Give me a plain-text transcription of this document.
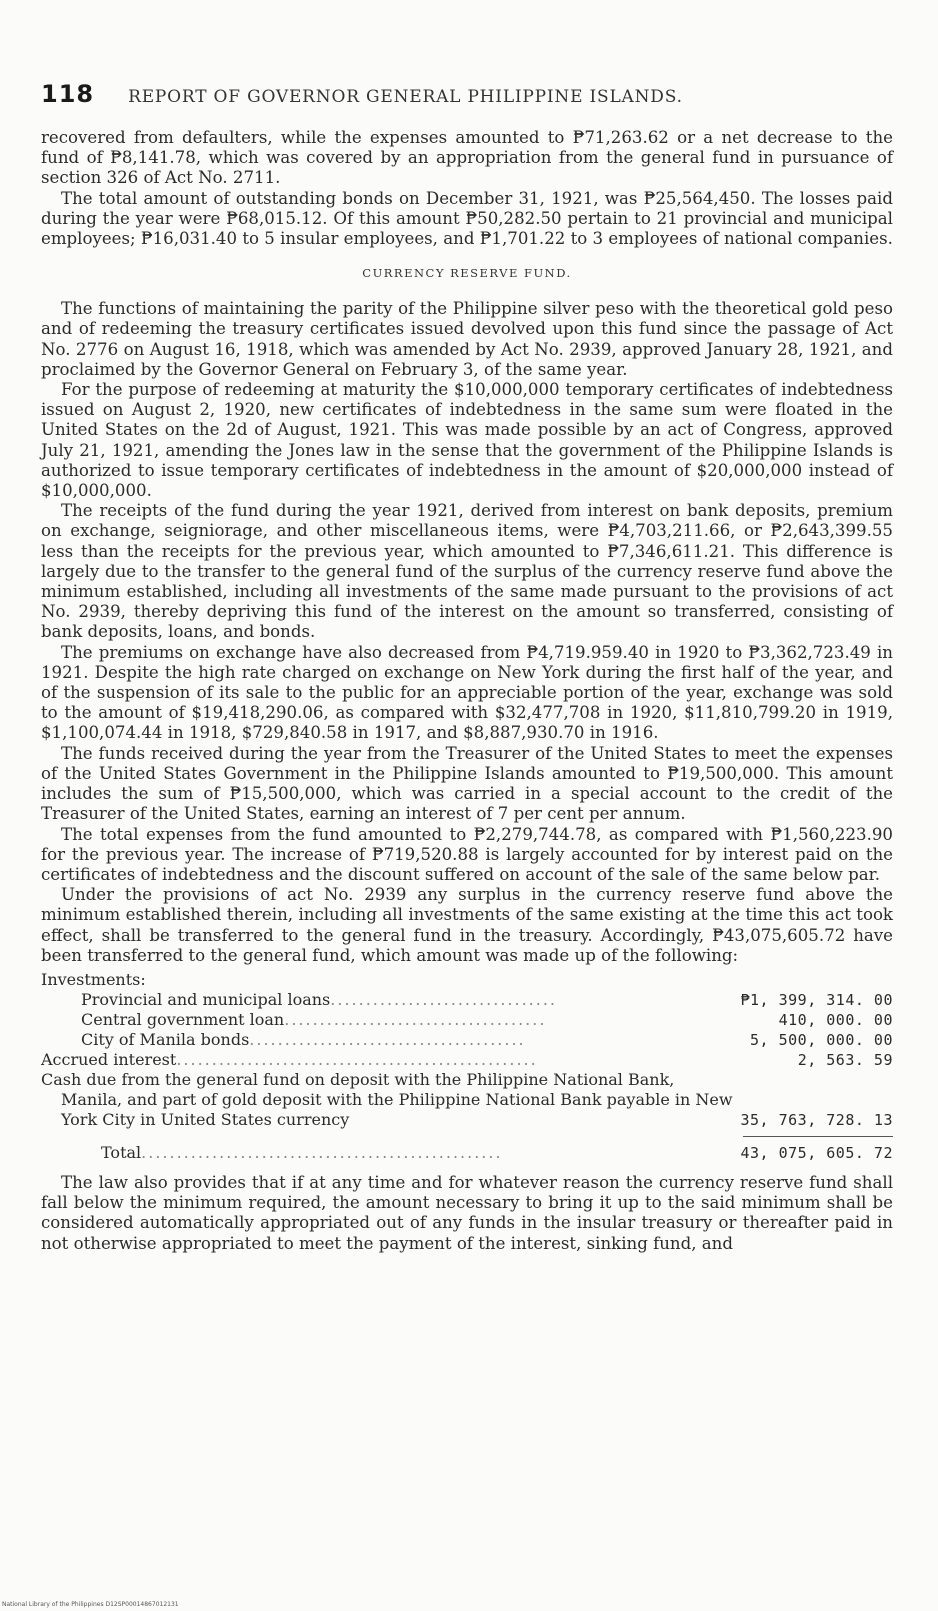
118 REPORT OF GOVERNOR GENERAL PHILIPPINE ISLANDS.

recovered from defaulters, while the expenses amounted to ₱71,263.62 or a net decrease to the fund of ₱8,141.78, which was covered by an appropriation from the general fund in pursuance of section 326 of Act No. 2711.

The total amount of outstanding bonds on December 31, 1921, was ₱25,564,450. The losses paid during the year were ₱68,015.12. Of this amount ₱50,282.50 pertain to 21 provincial and municipal employees; ₱16,031.40 to 5 insular employees, and ₱1,701.22 to 3 employees of national companies.

CURRENCY RESERVE FUND.

The functions of maintaining the parity of the Philippine silver peso with the theoretical gold peso and of redeeming the treasury certificates issued devolved upon this fund since the passage of Act No. 2776 on August 16, 1918, which was amended by Act No. 2939, approved January 28, 1921, and proclaimed by the Governor General on February 3, of the same year.

For the purpose of redeeming at maturity the $10,000,000 temporary certificates of indebtedness issued on August 2, 1920, new certificates of indebtedness in the same sum were floated in the United States on the 2d of August, 1921. This was made possible by an act of Congress, approved July 21, 1921, amending the Jones law in the sense that the government of the Philippine Islands is authorized to issue temporary certificates of indebtedness in the amount of $20,000,000 instead of $10,000,000.

The receipts of the fund during the year 1921, derived from interest on bank deposits, premium on exchange, seigniorage, and other miscellaneous items, were ₱4,703,211.66, or ₱2,643,399.55 less than the receipts for the previous year, which amounted to ₱7,346,611.21. This difference is largely due to the transfer to the general fund of the surplus of the currency reserve fund above the minimum established, including all investments of the same made pursuant to the provisions of act No. 2939, thereby depriving this fund of the interest on the amount so transferred, consisting of bank deposits, loans, and bonds.

The premiums on exchange have also decreased from ₱4,719.959.40 in 1920 to ₱3,362,723.49 in 1921. Despite the high rate charged on exchange on New York during the first half of the year, and of the suspension of its sale to the public for an appreciable portion of the year, exchange was sold to the amount of $19,418,290.06, as compared with $32,477,708 in 1920, $11,810,799.20 in 1919, $1,100,074.44 in 1918, $729,840.58 in 1917, and $8,887,930.70 in 1916.

The funds received during the year from the Treasurer of the United States to meet the expenses of the United States Government in the Philippine Islands amounted to ₱19,500,000. This amount includes the sum of ₱15,500,000, which was carried in a special account to the credit of the Treasurer of the United States, earning an interest of 7 per cent per annum.

The total expenses from the fund amounted to ₱2,279,744.78, as compared with ₱1,560,223.90 for the previous year. The increase of ₱719,520.88 is largely accounted for by interest paid on the certificates of indebtedness and the discount suffered on account of the sale of the same below par.

Under the provisions of act No. 2939 any surplus in the currency reserve fund above the minimum established therein, including all investments of the same existing at the time this act took effect, shall be transferred to the general fund in the treasury. Accordingly, ₱43,075,605.72 have been transferred to the general fund, which amount was made up of the following:

Investments:
Provincial and municipal loans................................	₱1, 399, 314. 00
Central government loan.....................................	410, 000. 00
City of Manila bonds.......................................	5, 500, 000. 00
Accrued interest...................................................	2, 563. 59
Cash due from the general fund on deposit with the Philippine National Bank, Manila, and part of gold deposit with the Philippine National Bank payable in New York City in United States currency	35, 763, 728. 13
Total...................................................	43, 075, 605. 72

The law also provides that if at any time and for whatever reason the currency reserve fund shall fall below the minimum required, the amount necessary to bring it up to the said minimum shall be considered automatically appropriated out of any funds in the insular treasury or thereafter paid in not otherwise appropriated to meet the payment of the interest, sinking fund, and

National Library of the Philippines D12SP00014867012131
